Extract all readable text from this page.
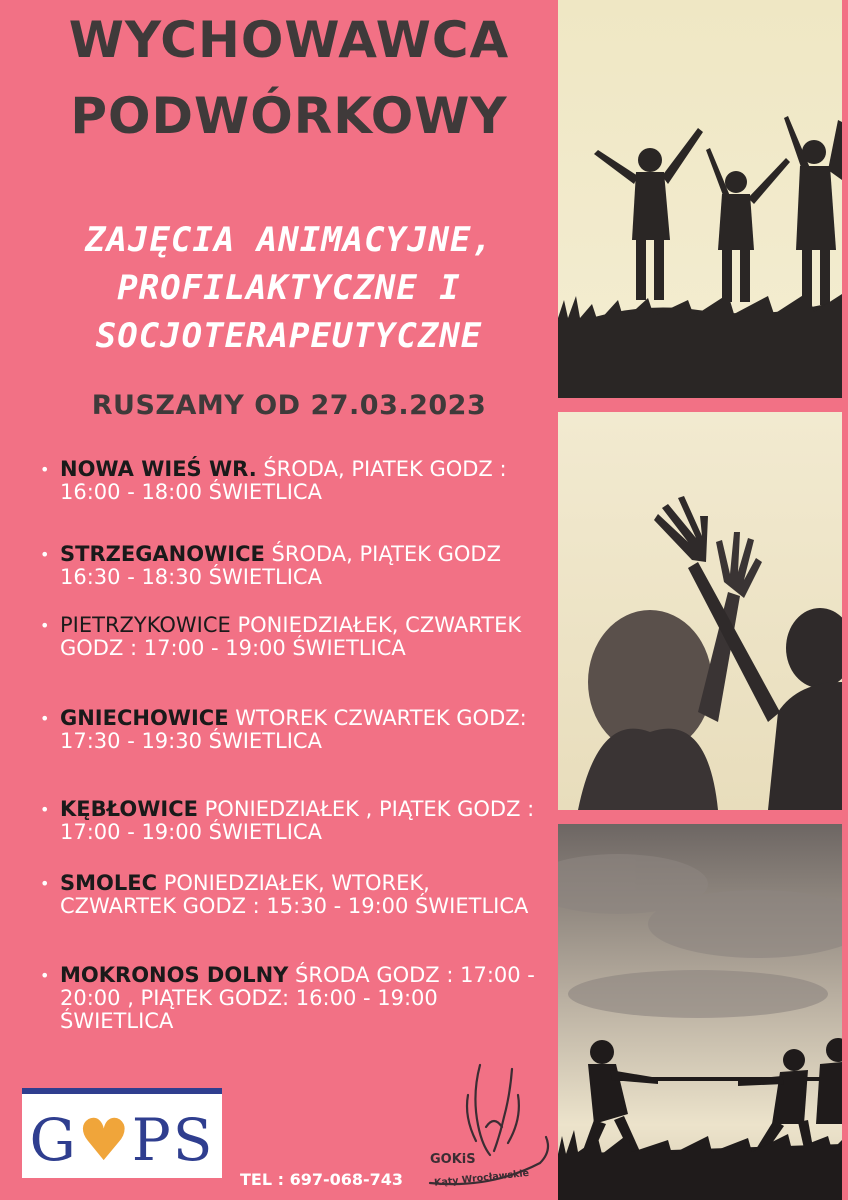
WYCHOWAWCA
PODWÓRKOWY
ZAJĘCIA ANIMACYJNE,
PROFILAKTYCZNE I
SOCJOTERAPEUTYCZNE
RUSZAMY OD 27.03.2023
• NOWA WIEŚ WR. ŚRODA, PIATEK GODZ : 16:00 - 18:00 ŚWIETLICA
• STRZEGANOWICE ŚRODA, PIĄTEK GODZ 16:30 - 18:30 ŚWIETLICA
• PIETRZYKOWICE PONIEDZIAŁEK, CZWARTEK GODZ : 17:00 - 19:00 ŚWIETLICA
• GNIECHOWICE WTOREK CZWARTEK GODZ: 17:30 - 19:30 ŚWIETLICA
• KĘBŁOWICE PONIEDZIAŁEK , PIĄTEK GODZ : 17:00 - 19:00 ŚWIETLICA
• SMOLEC PONIEDZIAŁEK, WTOREK, CZWARTEK GODZ : 15:30 - 19:00 ŚWIETLICA
• MOKRONOS DOLNY ŚRODA GODZ : 17:00 - 20:00 , PIĄTEK GODZ: 16:00 - 19:00 ŚWIETLICA
G♥PS
TEL : 697-068-743
GOKiS
Kąty Wrocławskie
